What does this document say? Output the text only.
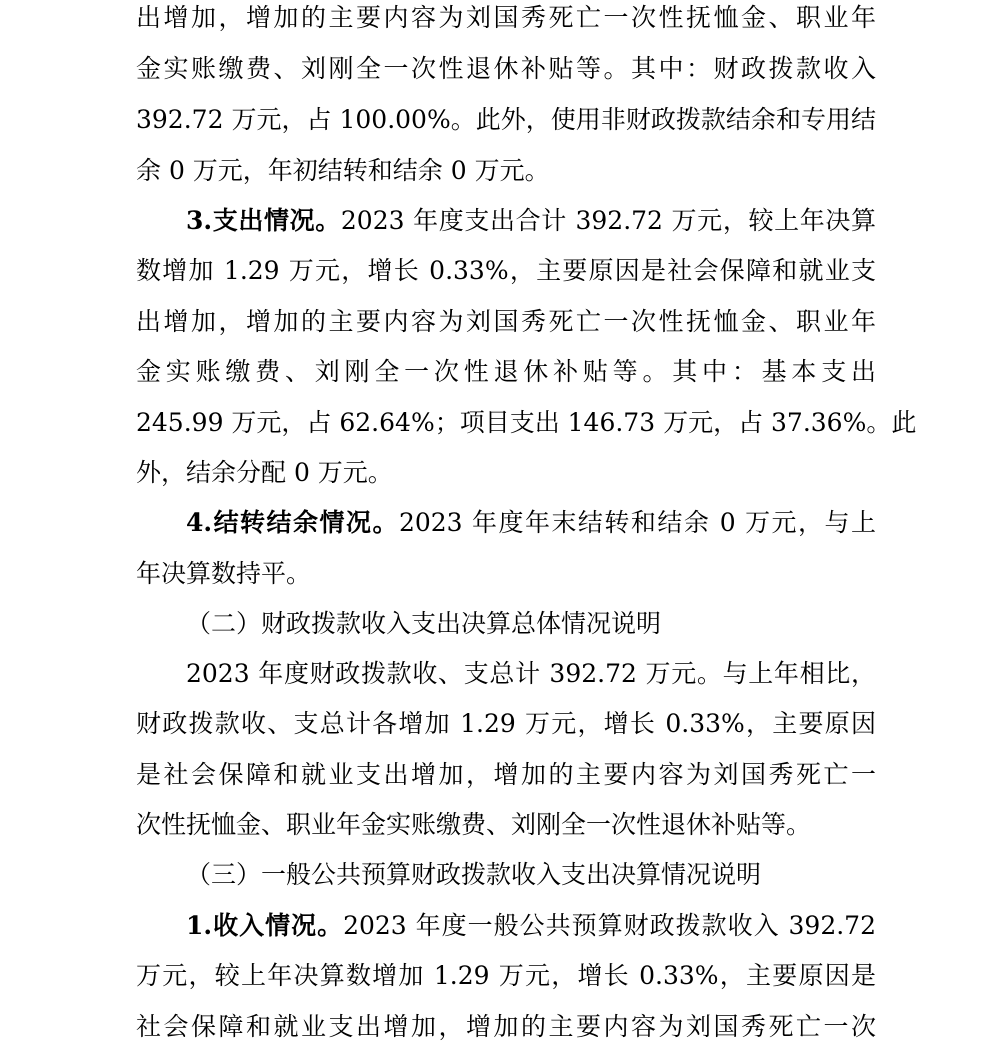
出增加，增加的主要内容为刘国秀死亡一次性抚恤金、职业年
金实账缴费、刘刚全一次性退休补贴等。其中：财政拨款收入
392.72 万元，占 100.00%。此外，使用非财政拨款结余和专用结
余 0 万元，年初结转和结余 0 万元。
3.支出情况。2023 年度支出合计 392.72 万元，较上年决算
数增加 1.29 万元，增长 0.33%，主要原因是社会保障和就业支
出增加，增加的主要内容为刘国秀死亡一次性抚恤金、职业年
金实账缴费、刘刚全一次性退休补贴等。其中：基本支出
245.99 万元，占 62.64%；项目支出 146.73 万元，占 37.36%。此
外，结余分配 0 万元。
4.结转结余情况。2023 年度年末结转和结余 0 万元，与上
年决算数持平。
（二）财政拨款收入支出决算总体情况说明
2023 年度财政拨款收、支总计 392.72 万元。与上年相比，
财政拨款收、支总计各增加 1.29 万元，增长 0.33%，主要原因
是社会保障和就业支出增加，增加的主要内容为刘国秀死亡一
次性抚恤金、职业年金实账缴费、刘刚全一次性退休补贴等。
（三）一般公共预算财政拨款收入支出决算情况说明
1.收入情况。2023 年度一般公共预算财政拨款收入 392.72
万元，较上年决算数增加 1.29 万元，增长 0.33%，主要原因是
社会保障和就业支出增加，增加的主要内容为刘国秀死亡一次
